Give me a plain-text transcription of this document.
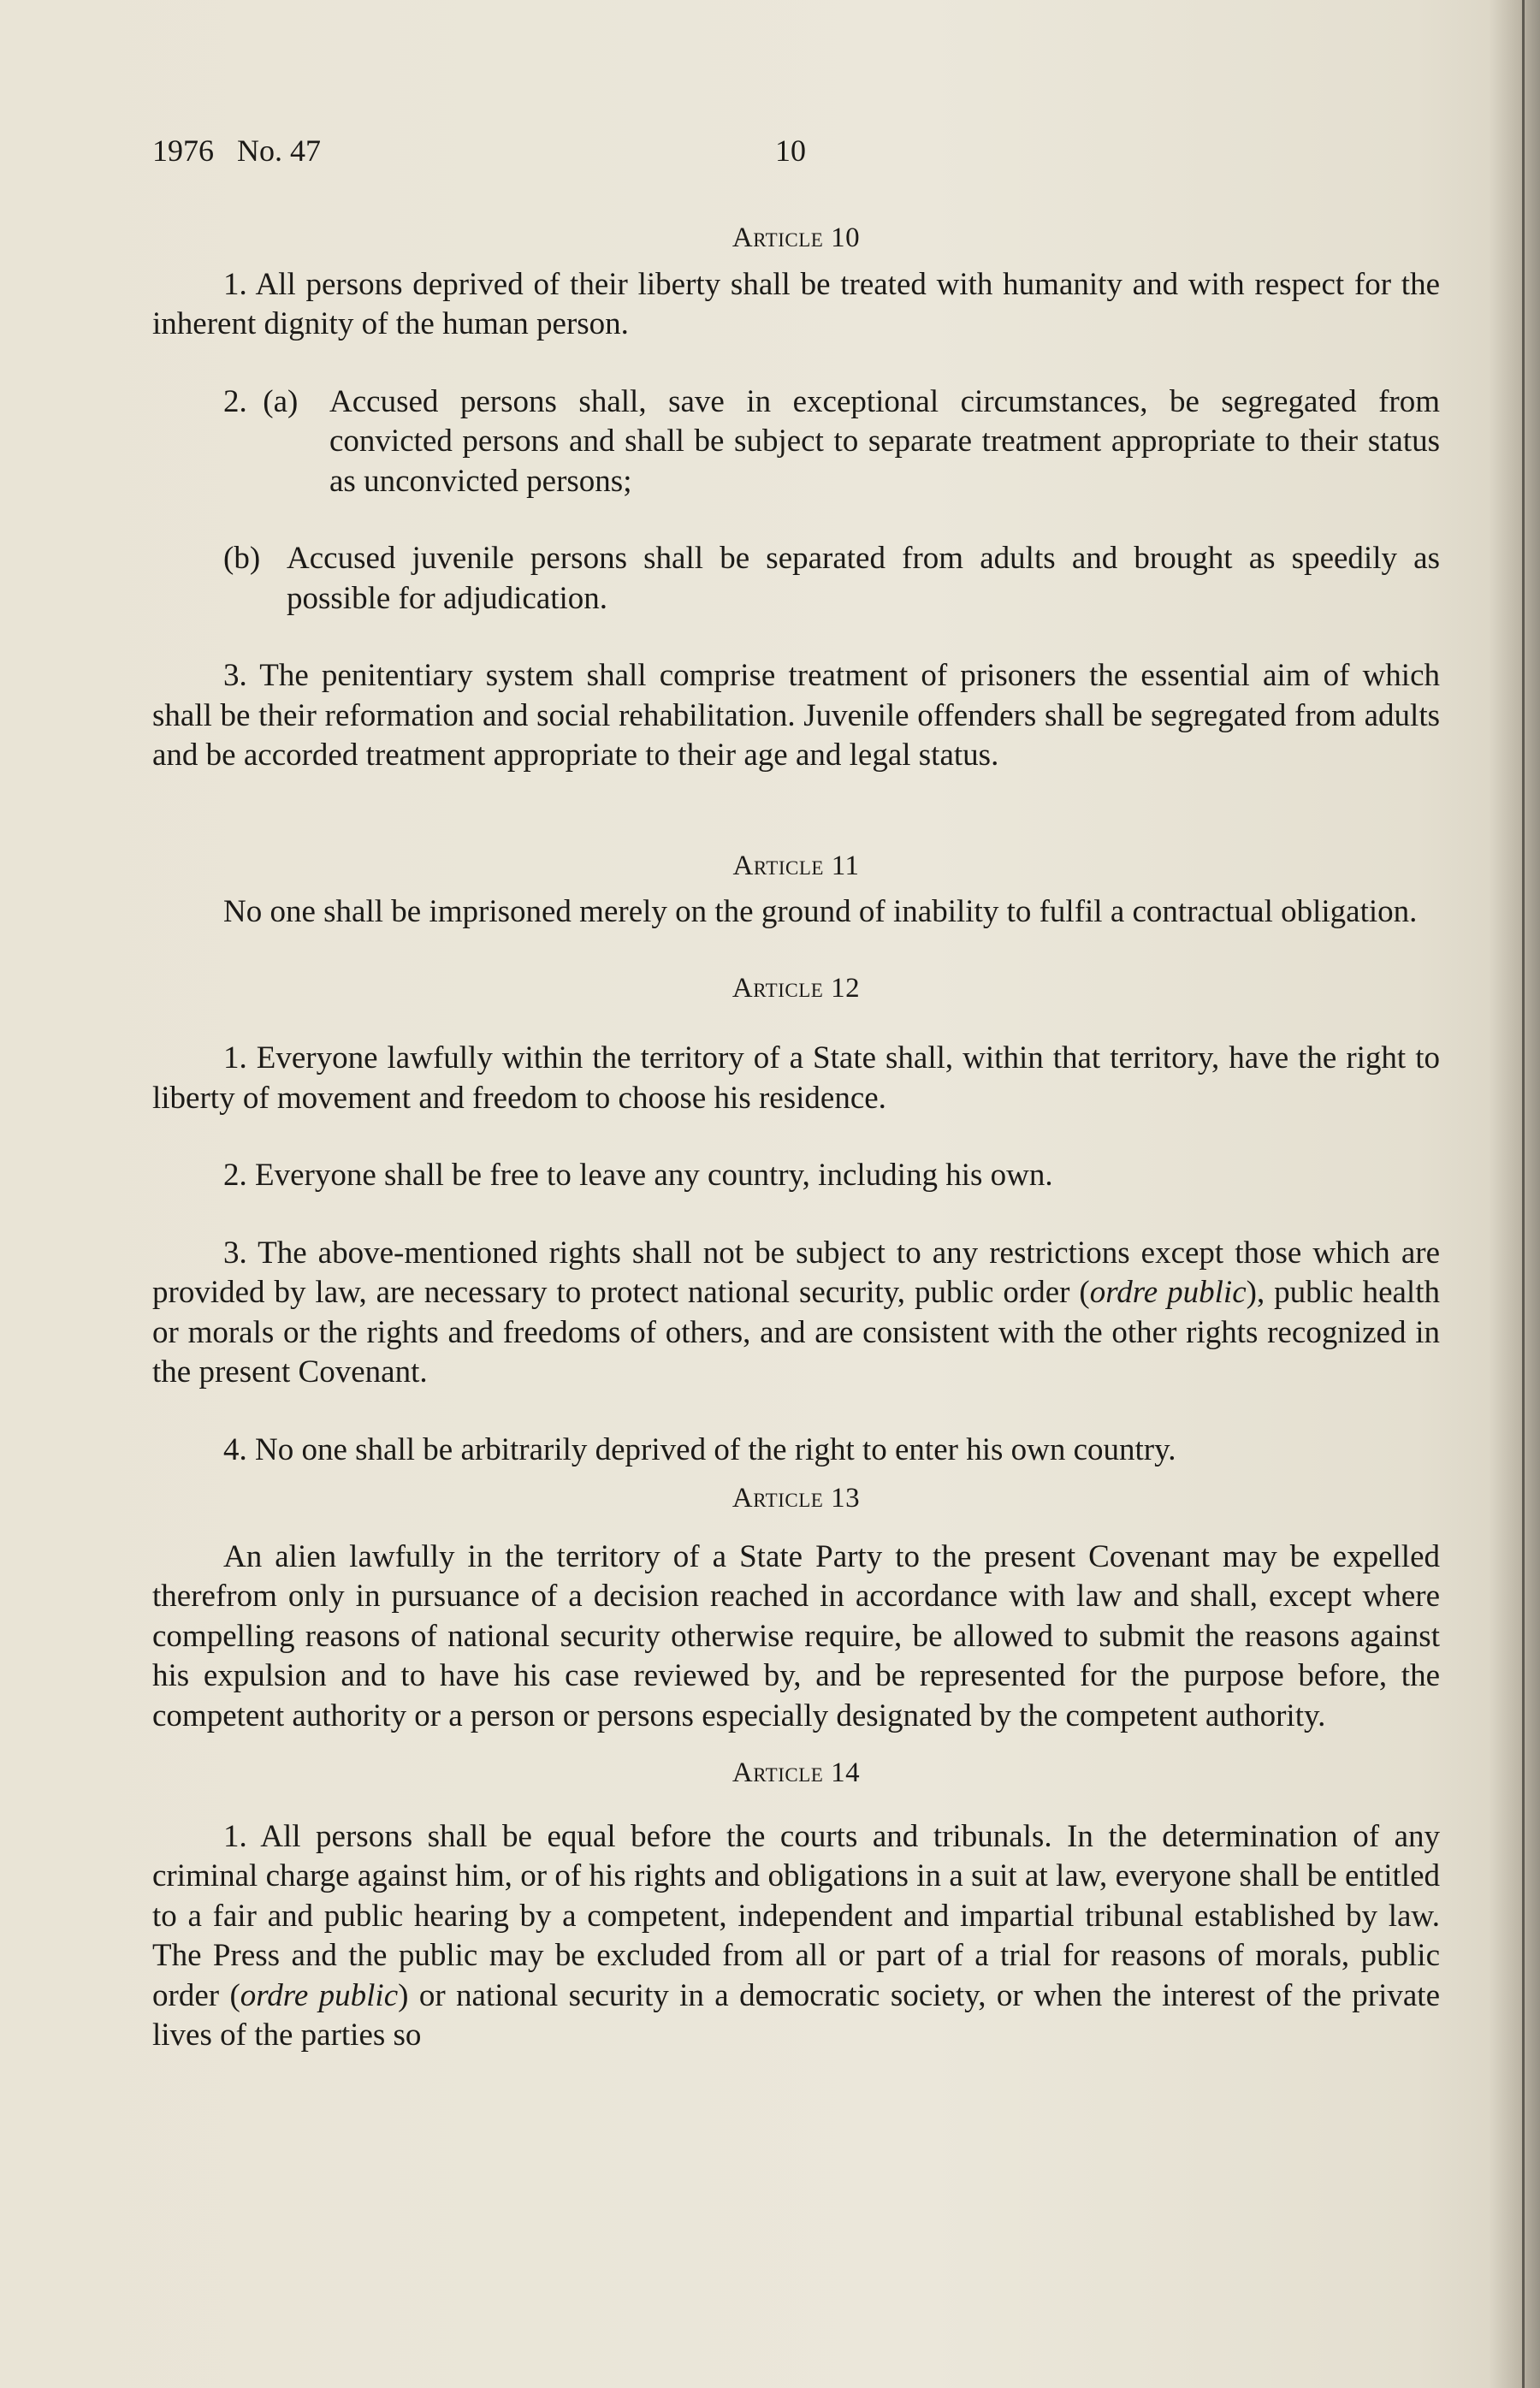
1976   No. 47	10
Article 10

1. All persons deprived of their liberty shall be treated with humanity and with respect for the inherent dignity of the human person.

2. (a) Accused persons shall, save in exceptional circumstances, be segregated from convicted persons and shall be subject to separate treatment appropriate to their status as unconvicted persons;
(b) Accused juvenile persons shall be separated from adults and brought as speedily as possible for adjudication.

3. The penitentiary system shall comprise treatment of prisoners the essential aim of which shall be their reformation and social rehabilitation. Juvenile offenders shall be segregated from adults and be accorded treatment appropriate to their age and legal status.

Article 11

No one shall be imprisoned merely on the ground of inability to fulfil a contractual obligation.

Article 12

1. Everyone lawfully within the territory of a State shall, within that territory, have the right to liberty of movement and freedom to choose his residence.

2. Everyone shall be free to leave any country, including his own.

3. The above-mentioned rights shall not be subject to any restrictions except those which are provided by law, are necessary to protect national security, public order (ordre public), public health or morals or the rights and freedoms of others, and are consistent with the other rights recognized in the present Covenant.

4. No one shall be arbitrarily deprived of the right to enter his own country.

Article 13

An alien lawfully in the territory of a State Party to the present Covenant may be expelled therefrom only in pursuance of a decision reached in accordance with law and shall, except where compelling reasons of national security otherwise require, be allowed to submit the reasons against his expulsion and to have his case reviewed by, and be represented for the purpose before, the competent authority or a person or persons especially designated by the competent authority.

Article 14

1. All persons shall be equal before the courts and tribunals. In the determination of any criminal charge against him, or of his rights and obligations in a suit at law, everyone shall be entitled to a fair and public hearing by a competent, independent and impartial tribunal established by law. The Press and the public may be excluded from all or part of a trial for reasons of morals, public order (ordre public) or national security in a democratic society, or when the interest of the private lives of the parties so
